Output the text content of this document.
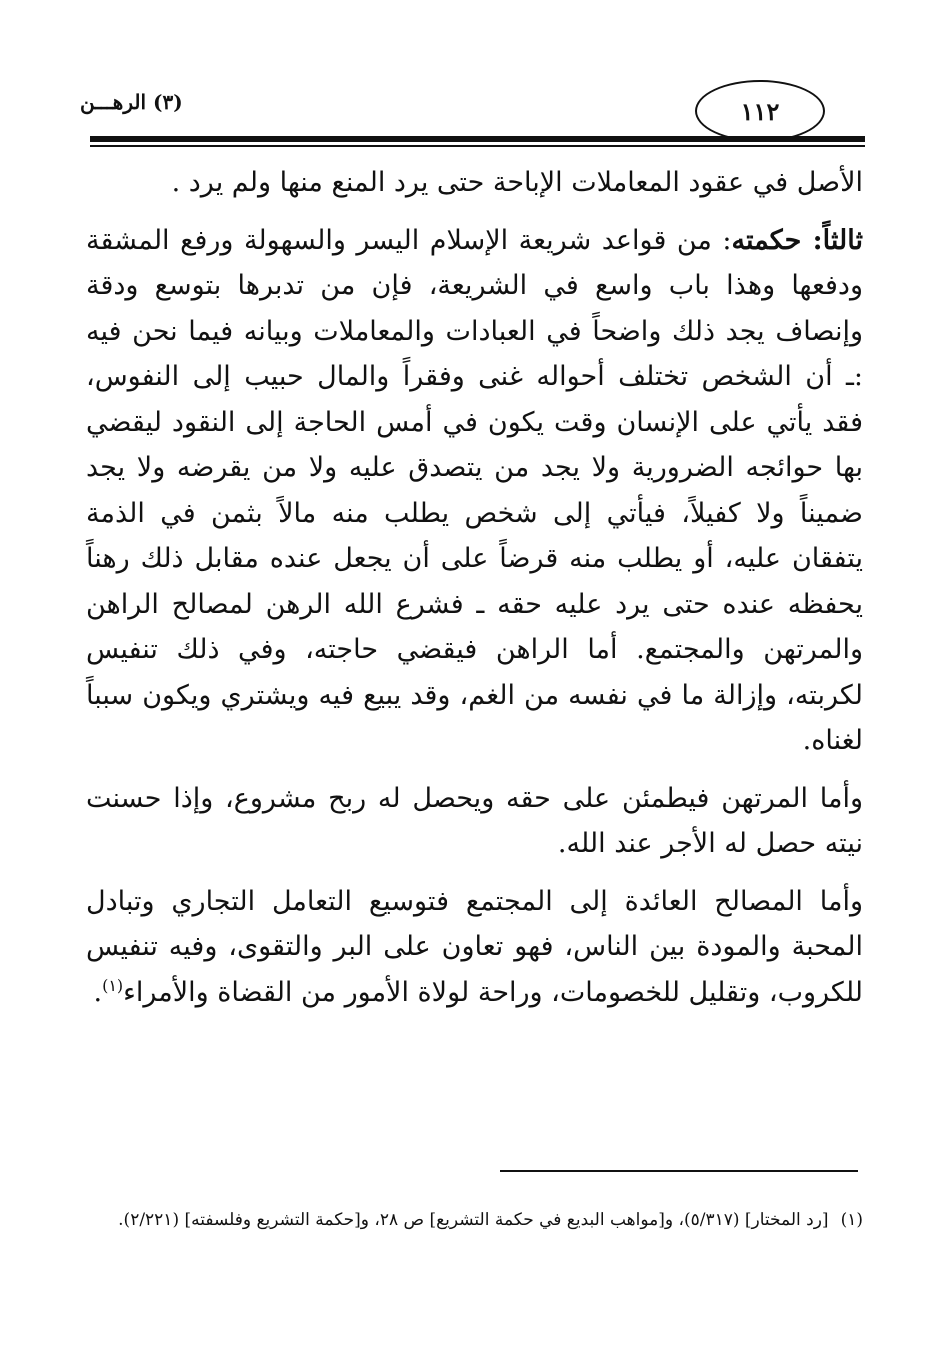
١١٢
(٣) الرهـــن

الأصل في عقود المعاملات الإباحة حتى يرد المنع منها ولم يرد .

ثالثاً: حكمته: من قواعد شريعة الإسلام اليسر والسهولة ورفع المشقة ودفعها وهذا باب واسع في الشريعة، فإن من تدبرها بتوسع ودقة وإنصاف يجد ذلك واضحاً في العبادات والمعاملات وبيانه فيما نحن فيه :ـ أن الشخص تختلف أحواله غنى وفقراً والمال حبيب إلى النفوس، فقد يأتي على الإنسان وقت يكون في أمس الحاجة إلى النقود ليقضي بها حوائجه الضرورية ولا يجد من يتصدق عليه ولا من يقرضه ولا يجد ضميناً ولا كفيلاً، فيأتي إلى شخص يطلب منه مالاً بثمن في الذمة يتفقان عليه، أو يطلب منه قرضاً على أن يجعل عنده مقابل ذلك رهناً يحفظه عنده حتى يرد عليه حقه ـ فشرع الله الرهن لمصالح الراهن والمرتهن والمجتمع. أما الراهن فيقضي حاجته، وفي ذلك تنفيس لكربته، وإزالة ما في نفسه من الغم، وقد يبيع فيه ويشتري ويكون سبباً لغناه.

وأما المرتهن فيطمئن على حقه ويحصل له ربح مشروع، وإذا حسنت نيته حصل له الأجر عند الله.

وأما المصالح العائدة إلى المجتمع فتوسيع التعامل التجاري وتبادل المحبة والمودة بين الناس، فهو تعاون على البر والتقوى، وفيه تنفيس للكروب، وتقليل للخصومات، وراحة لولاة الأمور من القضاة والأمراء$^{(١)}$.

(١)[رد المختار] (٥/٣١٧)، و[مواهب البديع في حكمة التشريع] ص ٢٨، و[حكمة التشريع وفلسفته] (٢/٢٢١).
